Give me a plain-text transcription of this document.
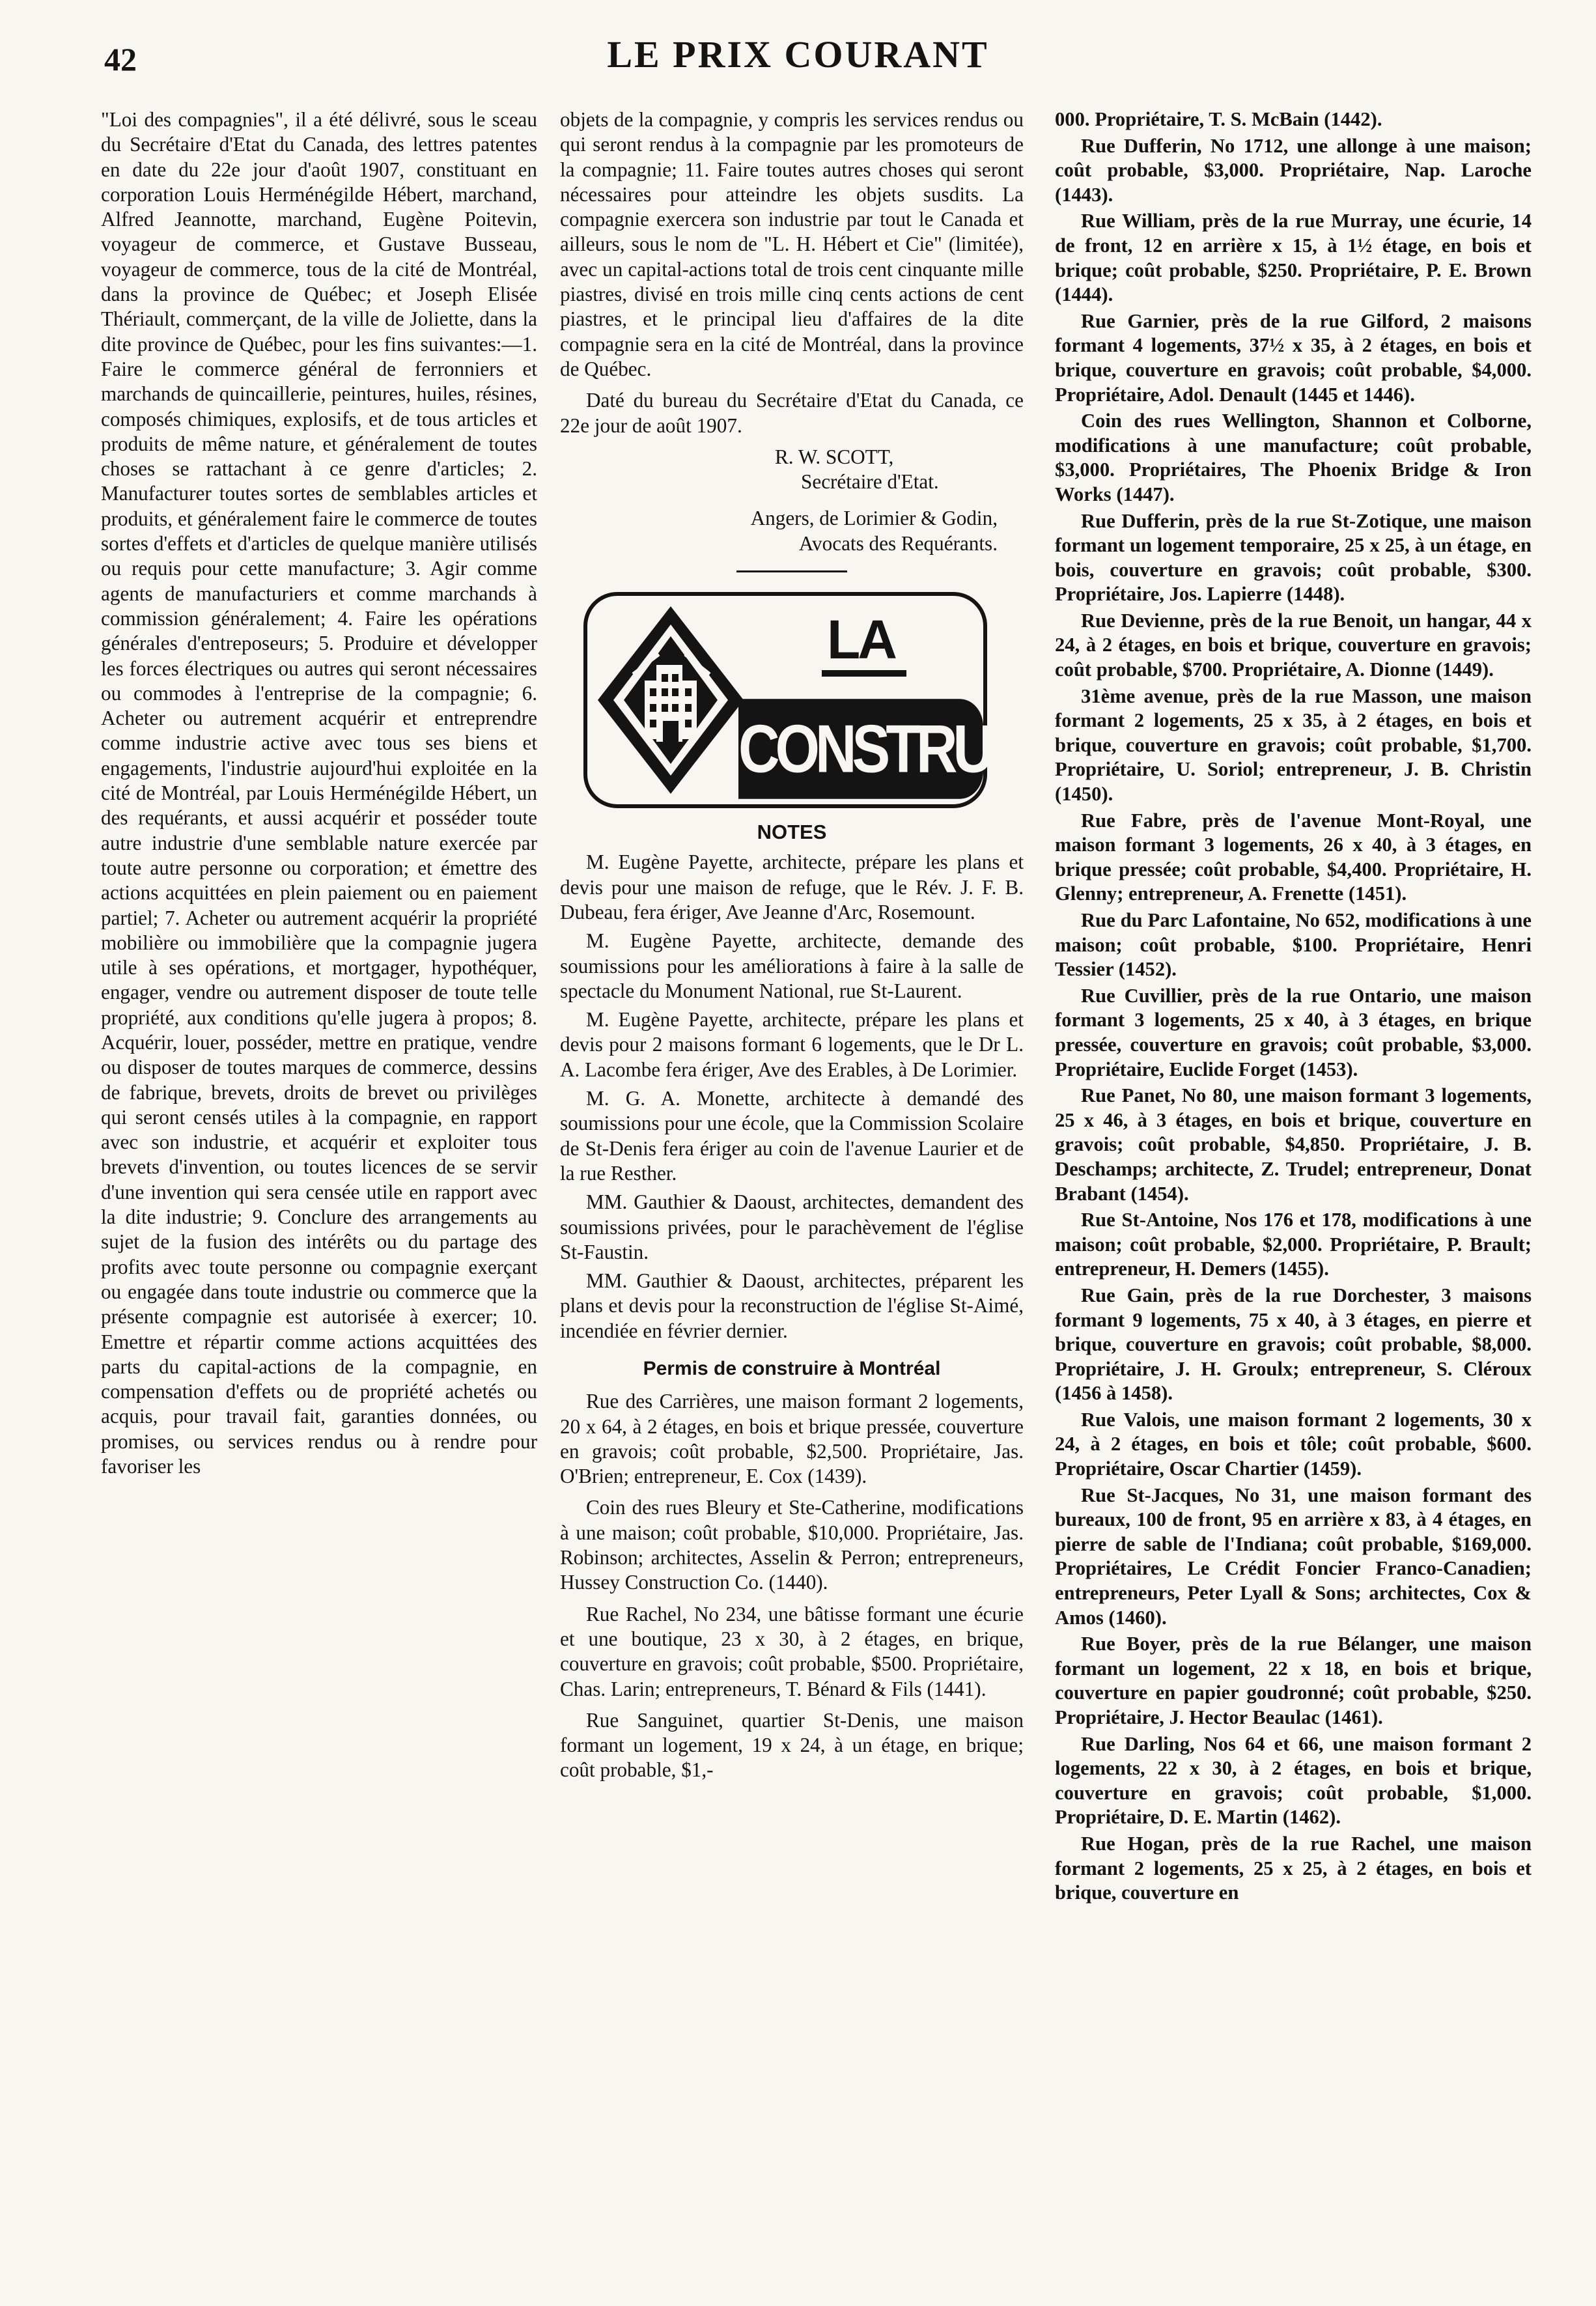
42	LE PRIX COURANT

"Loi des compagnies", il a été délivré, sous le sceau du Secrétaire d'Etat du Canada, des lettres patentes en date du 22e jour d'août 1907, constituant en corporation Louis Herménégilde Hébert, marchand, Alfred Jeannotte, marchand, Eugène Poitevin, voyageur de commerce, et Gustave Busseau, voyageur de commerce, tous de la cité de Montréal, dans la province de Québec; et Joseph Elisée Thériault, commerçant, de la ville de Joliette, dans la dite province de Québec, pour les fins suivantes:—1. Faire le commerce général de ferronniers et marchands de quincaillerie, peintures, huiles, résines, composés chimiques, explosifs, et de tous articles et produits de même nature, et généralement de toutes choses se rattachant à ce genre d'articles; 2. Manufacturer toutes sortes de semblables articles et produits, et généralement faire le commerce de toutes sortes d'effets et d'articles de quelque manière utilisés ou requis pour cette manufacture; 3. Agir comme agents de manufacturiers et comme marchands à commission généralement; 4. Faire les opérations générales d'entreposeurs; 5. Produire et développer les forces électriques ou autres qui seront nécessaires ou commodes à l'entreprise de la compagnie; 6. Acheter ou autrement acquérir et entreprendre comme industrie active avec tous ses biens et engagements, l'industrie aujourd'hui exploitée en la cité de Montréal, par Louis Herménégilde Hébert, un des requérants, et aussi acquérir et posséder toute autre industrie d'une semblable nature exercée par toute autre personne ou corporation; et émettre des actions acquittées en plein paiement ou en paiement partiel; 7. Acheter ou autrement acquérir la propriété mobilière ou immobilière que la compagnie jugera utile à ses opérations, et mortgager, hypothéquer, engager, vendre ou autrement disposer de toute telle propriété, aux conditions qu'elle jugera à propos; 8. Acquérir, louer, posséder, mettre en pratique, vendre ou disposer de toutes marques de commerce, dessins de fabrique, brevets, droits de brevet ou privilèges qui seront censés utiles à la compagnie, en rapport avec son industrie, et acquérir et exploiter tous brevets d'invention, ou toutes licences de se servir d'une invention qui sera censée utile en rapport avec la dite industrie; 9. Conclure des arrangements au sujet de la fusion des intérêts ou du partage des profits avec toute personne ou compagnie exerçant ou engagée dans toute industrie ou commerce que la présente compagnie est autorisée à exercer; 10. Emettre et répartir comme actions acquittées des parts du capital-actions de la compagnie, en compensation d'effets ou de propriété achetés ou acquis, pour travail fait, garanties données, ou promises, ou services rendus ou à rendre pour favoriser les

objets de la compagnie, y compris les services rendus ou qui seront rendus à la compagnie par les promoteurs de la compagnie; 11. Faire toutes autres choses qui seront nécessaires pour atteindre les objets susdits. La compagnie exercera son industrie par tout le Canada et ailleurs, sous le nom de "L. H. Hébert et Cie" (limitée), avec un capital-actions total de trois cent cinquante mille piastres, divisé en trois mille cinq cents actions de cent piastres, et le principal lieu d'affaires de la dite compagnie sera en la cité de Montréal, dans la province de Québec.

Daté du bureau du Secrétaire d'Etat du Canada, ce 22e jour de août 1907.

R. W. SCOTT,

Secrétaire d'Etat.

Angers, de Lorimier & Godin,

Avocats des Requérants.

LA
CONSTRUCTION
NOTES

M. Eugène Payette, architecte, prépare les plans et devis pour une maison de refuge, que le Rév. J. F. B. Dubeau, fera ériger, Ave Jeanne d'Arc, Rosemount.

M. Eugène Payette, architecte, demande des soumissions pour les améliorations à faire à la salle de spectacle du Monument National, rue St-Laurent.

M. Eugène Payette, architecte, prépare les plans et devis pour 2 maisons formant 6 logements, que le Dr L. A. Lacombe fera ériger, Ave des Erables, à De Lorimier.

M. G. A. Monette, architecte à demandé des soumissions pour une école, que la Commission Scolaire de St-Denis fera ériger au coin de l'avenue Laurier et de la rue Resther.

MM. Gauthier & Daoust, architectes, demandent des soumissions privées, pour le parachèvement de l'église St-Faustin.

MM. Gauthier & Daoust, architectes, préparent les plans et devis pour la reconstruction de l'église St-Aimé, incendiée en février dernier.

Permis de construire à Montréal

Rue des Carrières, une maison formant 2 logements, 20 x 64, à 2 étages, en bois et brique pressée, couverture en gravois; coût probable, $2,500. Propriétaire, Jas. O'Brien; entrepreneur, E. Cox (1439).

Coin des rues Bleury et Ste-Catherine, modifications à une maison; coût probable, $10,000. Propriétaire, Jas. Robinson; architectes, Asselin & Perron; entrepreneurs, Hussey Construction Co. (1440).

Rue Rachel, No 234, une bâtisse formant une écurie et une boutique, 23 x 30, à 2 étages, en brique, couverture en gravois; coût probable, $500. Propriétaire, Chas. Larin; entrepreneurs, T. Bénard & Fils (1441).

Rue Sanguinet, quartier St-Denis, une maison formant un logement, 19 x 24, à un étage, en brique; coût probable, $1,-

000. Propriétaire, T. S. McBain (1442).

Rue Dufferin, No 1712, une allonge à une maison; coût probable, $3,000. Propriétaire, Nap. Laroche (1443).

Rue William, près de la rue Murray, une écurie, 14 de front, 12 en arrière x 15, à 1½ étage, en bois et brique; coût probable, $250. Propriétaire, P. E. Brown (1444).

Rue Garnier, près de la rue Gilford, 2 maisons formant 4 logements, 37½ x 35, à 2 étages, en bois et brique, couverture en gravois; coût probable, $4,000. Propriétaire, Adol. Denault (1445 et 1446).

Coin des rues Wellington, Shannon et Colborne, modifications à une manufacture; coût probable, $3,000. Propriétaires, The Phoenix Bridge & Iron Works (1447).

Rue Dufferin, près de la rue St-Zotique, une maison formant un logement temporaire, 25 x 25, à un étage, en bois, couverture en gravois; coût probable, $300. Propriétaire, Jos. Lapierre (1448).

Rue Devienne, près de la rue Benoit, un hangar, 44 x 24, à 2 étages, en bois et brique, couverture en gravois; coût probable, $700. Propriétaire, A. Dionne (1449).

31ème avenue, près de la rue Masson, une maison formant 2 logements, 25 x 35, à 2 étages, en bois et brique, couverture en gravois; coût probable, $1,700. Propriétaire, U. Soriol; entrepreneur, J. B. Christin (1450).

Rue Fabre, près de l'avenue Mont-Royal, une maison formant 3 logements, 26 x 40, à 3 étages, en brique pressée; coût probable, $4,400. Propriétaire, H. Glenny; entrepreneur, A. Frenette (1451).

Rue du Parc Lafontaine, No 652, modifications à une maison; coût probable, $100. Propriétaire, Henri Tessier (1452).

Rue Cuvillier, près de la rue Ontario, une maison formant 3 logements, 25 x 40, à 3 étages, en brique pressée, couverture en gravois; coût probable, $3,000. Propriétaire, Euclide Forget (1453).

Rue Panet, No 80, une maison formant 3 logements, 25 x 46, à 3 étages, en bois et brique, couverture en gravois; coût probable, $4,850. Propriétaire, J. B. Deschamps; architecte, Z. Trudel; entrepreneur, Donat Brabant (1454).

Rue St-Antoine, Nos 176 et 178, modifications à une maison; coût probable, $2,000. Propriétaire, P. Brault; entrepreneur, H. Demers (1455).

Rue Gain, près de la rue Dorchester, 3 maisons formant 9 logements, 75 x 40, à 3 étages, en pierre et brique, couverture en gravois; coût probable, $8,000. Propriétaire, J. H. Groulx; entrepreneur, S. Cléroux (1456 à 1458).

Rue Valois, une maison formant 2 logements, 30 x 24, à 2 étages, en bois et tôle; coût probable, $600. Propriétaire, Oscar Chartier (1459).

Rue St-Jacques, No 31, une maison formant des bureaux, 100 de front, 95 en arrière x 83, à 4 étages, en pierre de sable de l'Indiana; coût probable, $169,000. Propriétaires, Le Crédit Foncier Franco-Canadien; entrepreneurs, Peter Lyall & Sons; architectes, Cox & Amos (1460).

Rue Boyer, près de la rue Bélanger, une maison formant un logement, 22 x 18, en bois et brique, couverture en papier goudronné; coût probable, $250. Propriétaire, J. Hector Beaulac (1461).

Rue Darling, Nos 64 et 66, une maison formant 2 logements, 22 x 30, à 2 étages, en bois et brique, couverture en gravois; coût probable, $1,000. Propriétaire, D. E. Martin (1462).

Rue Hogan, près de la rue Rachel, une maison formant 2 logements, 25 x 25, à 2 étages, en bois et brique, couverture en
